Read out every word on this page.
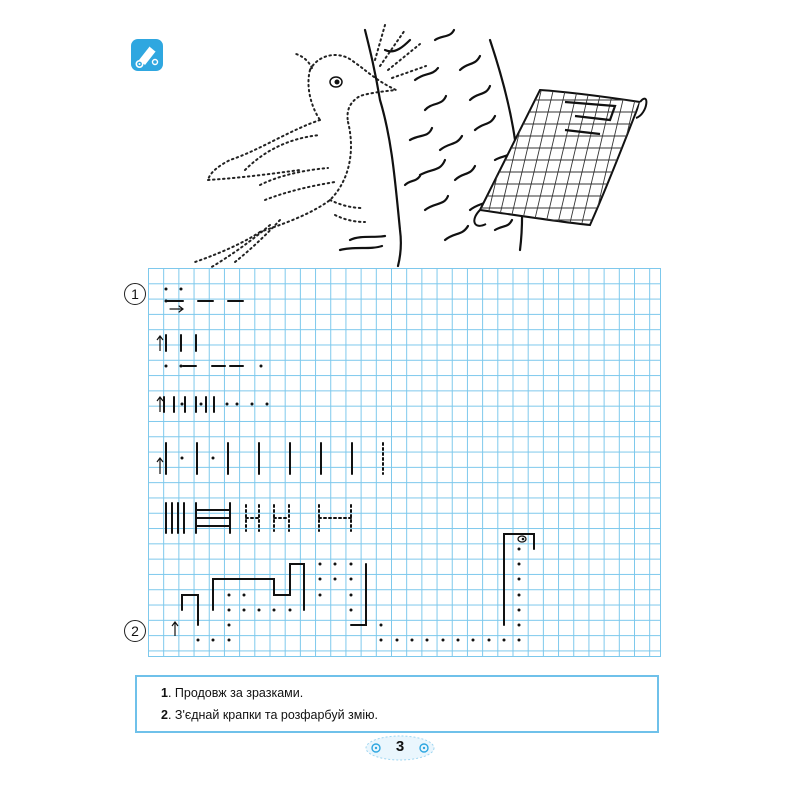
1
2
1. Продовж за зразками.
2. З'єднай крапки та розфарбуй змію.
3
